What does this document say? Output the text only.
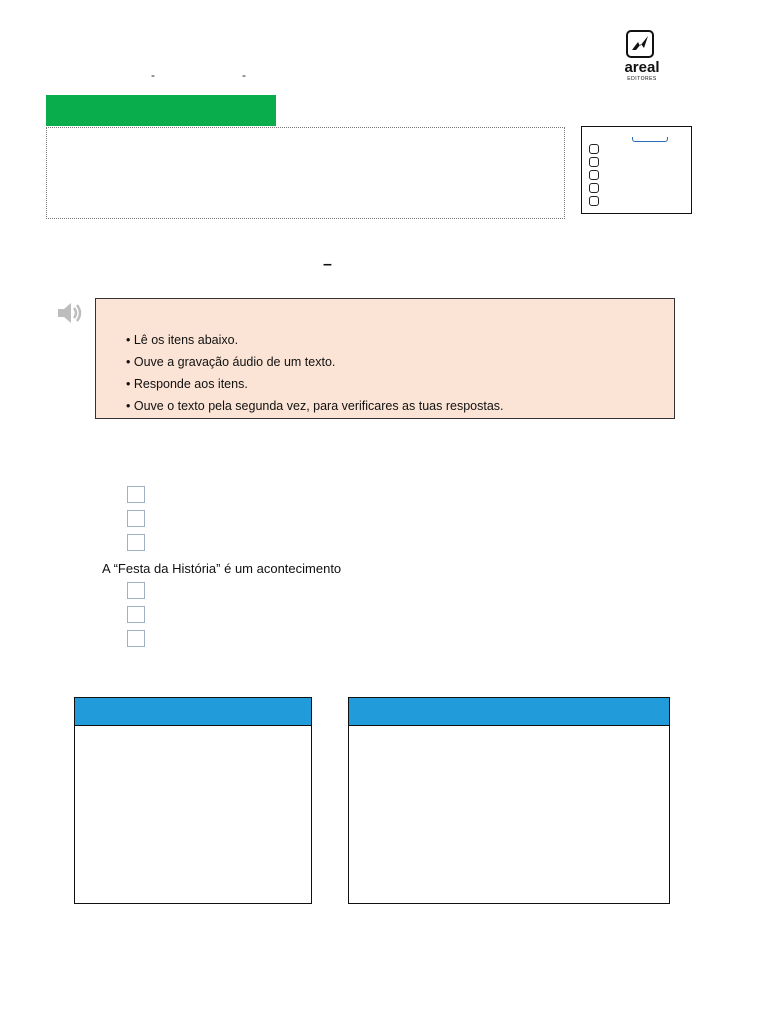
-	-	areal
EDITORES
–
• Lê os itens abaixo.
• Ouve a gravação áudio de um texto.
• Responde aos itens.
• Ouve o texto pela segunda vez, para verificares as tuas respostas.
A “Festa da História” é um acontecimento
